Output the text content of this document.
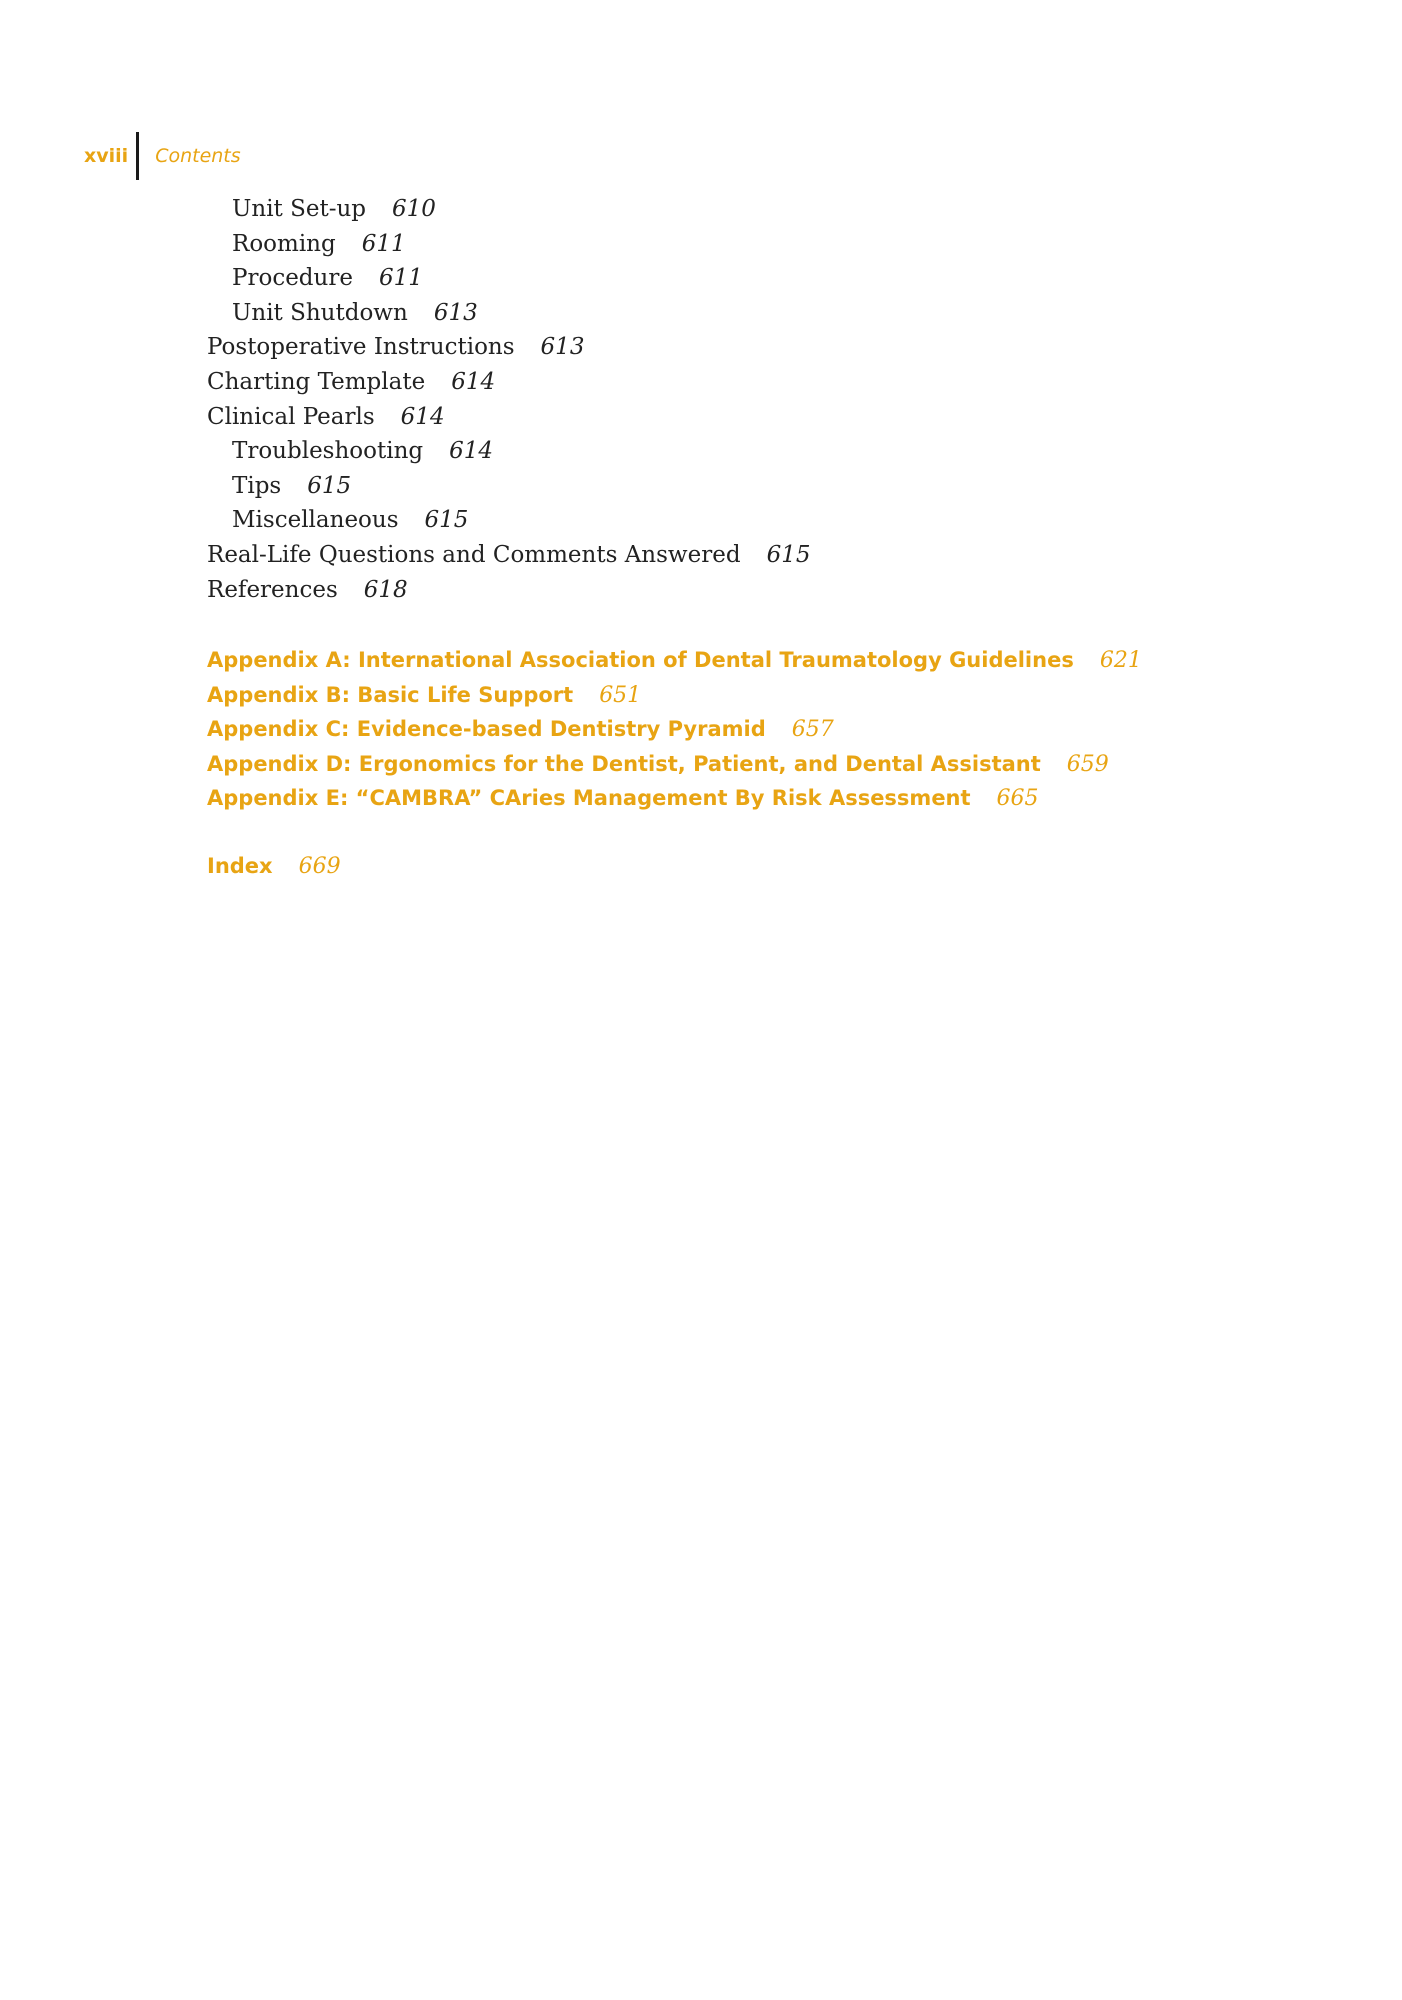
xviii	Contents
Unit Set-up 610
Rooming 611
Procedure 611
Unit Shutdown 613
Postoperative Instructions 613
Charting Template 614
Clinical Pearls 614
Troubleshooting 614
Tips 615
Miscellaneous 615
Real-Life Questions and Comments Answered 615
References 618
Appendix A: International Association of Dental Traumatology Guidelines 621
Appendix B: Basic Life Support 651
Appendix C: Evidence-based Dentistry Pyramid 657
Appendix D: Ergonomics for the Dentist, Patient, and Dental Assistant 659
Appendix E: “CAMBRA” CAries Management By Risk Assessment 665
Index 669
